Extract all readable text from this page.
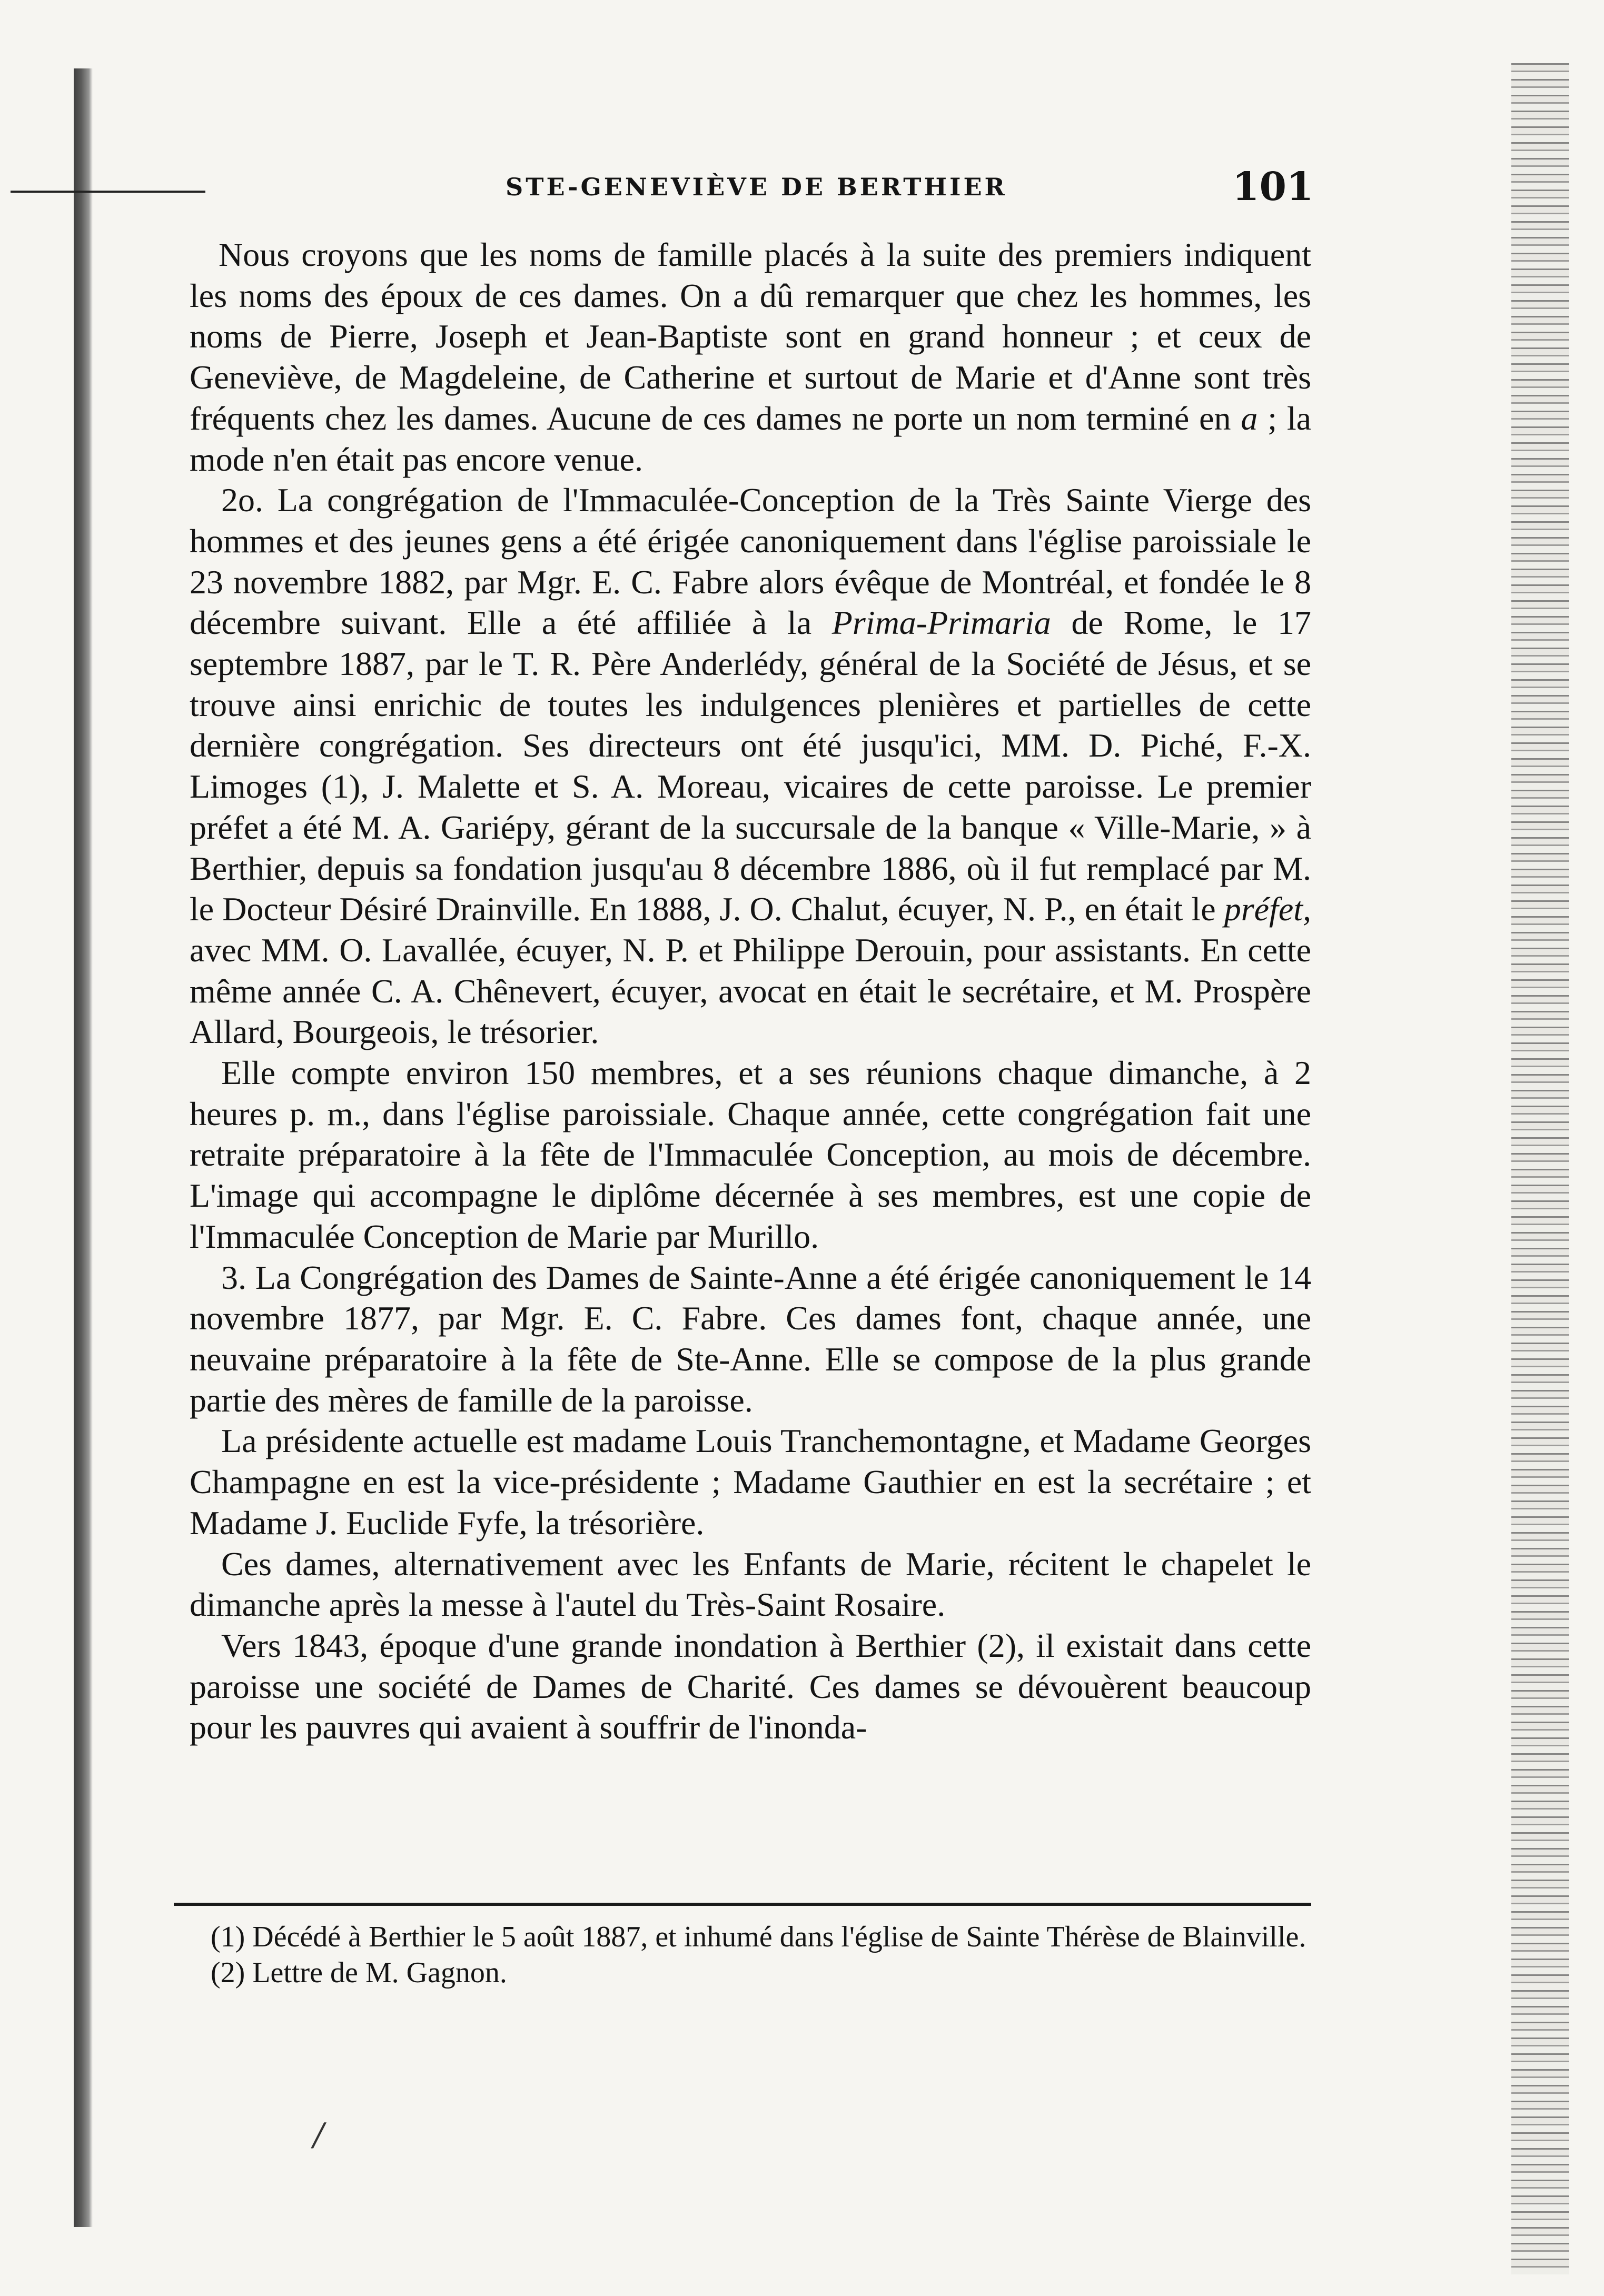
STE-GENEVIÈVE DE BERTHIER	101

Nous croyons que les noms de famille placés à la suite des premiers indiquent les noms des époux de ces dames. On a dû remarquer que chez les hommes, les noms de Pierre, Joseph et Jean-Baptiste sont en grand honneur ; et ceux de Geneviève, de Magdeleine, de Catherine et surtout de Marie et d'Anne sont très fréquents chez les dames. Aucune de ces dames ne porte un nom terminé en a ; la mode n'en était pas encore venue.

2o. La congrégation de l'Immaculée-Conception de la Très Sainte Vierge des hommes et des jeunes gens a été érigée canoniquement dans l'église paroissiale le 23 novembre 1882, par Mgr. E. C. Fabre alors évêque de Montréal, et fondée le 8 décembre suivant. Elle a été affiliée à la Prima-Primaria de Rome, le 17 septembre 1887, par le T. R. Père Anderlédy, général de la Société de Jésus, et se trouve ainsi enrichic de toutes les indulgences plenières et partielles de cette dernière congrégation. Ses directeurs ont été jusqu'ici, MM. D. Piché, F.-X. Limoges (1), J. Malette et S. A. Moreau, vicaires de cette paroisse. Le premier préfet a été M. A. Gariépy, gérant de la succursale de la banque « Ville-Marie, » à Berthier, depuis sa fondation jusqu'au 8 décembre 1886, où il fut remplacé par M. le Docteur Désiré Drainville. En 1888, J. O. Chalut, écuyer, N. P., en était le préfet, avec MM. O. Lavallée, écuyer, N. P. et Philippe Derouin, pour assistants. En cette même année C. A. Chênevert, écuyer, avocat en était le secrétaire, et M. Prospère Allard, Bourgeois, le trésorier.

Elle compte environ 150 membres, et a ses réunions chaque dimanche, à 2 heures p. m., dans l'église paroissiale. Chaque année, cette congrégation fait une retraite préparatoire à la fête de l'Immaculée Conception, au mois de décembre. L'image qui accompagne le diplôme décernée à ses membres, est une copie de l'Immaculée Conception de Marie par Murillo.

3. La Congrégation des Dames de Sainte-Anne a été érigée canoniquement le 14 novembre 1877, par Mgr. E. C. Fabre. Ces dames font, chaque année, une neuvaine préparatoire à la fête de Ste-Anne. Elle se compose de la plus grande partie des mères de famille de la paroisse.

La présidente actuelle est madame Louis Tranchemontagne, et Madame Georges Champagne en est la vice-présidente ; Madame Gauthier en est la secrétaire ; et Madame J. Euclide Fyfe, la trésorière.

Ces dames, alternativement avec les Enfants de Marie, récitent le chapelet le dimanche après la messe à l'autel du Très-Saint Rosaire.

Vers 1843, époque d'une grande inondation à Berthier (2), il existait dans cette paroisse une société de Dames de Charité. Ces dames se dévouèrent beaucoup pour les pauvres qui avaient à souffrir de l'inonda-

(1) Décédé à Berthier le 5 août 1887, et inhumé dans l'église de Sainte Thérèse de Blainville.

(2) Lettre de M. Gagnon.

/
